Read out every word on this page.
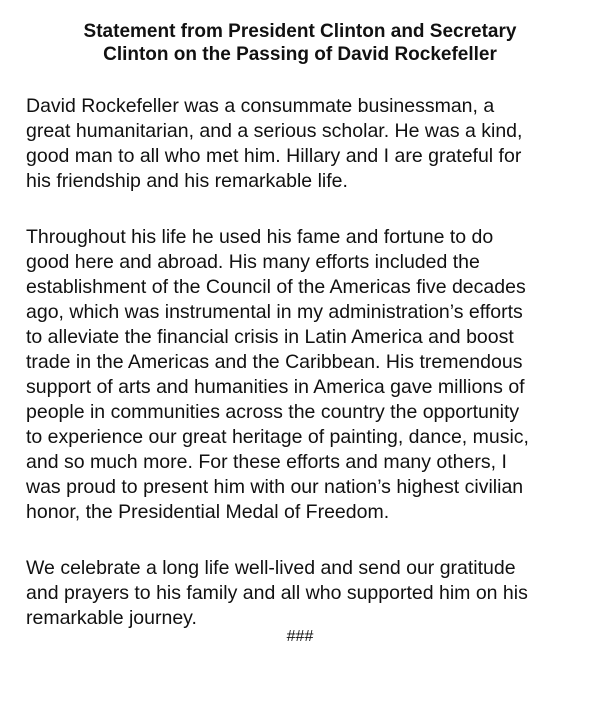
Statement from President Clinton and Secretary
Clinton on the Passing of David Rockefeller

David Rockefeller was a consummate businessman, a
great humanitarian, and a serious scholar. He was a kind,
good man to all who met him. Hillary and I are grateful for
his friendship and his remarkable life.

Throughout his life he used his fame and fortune to do
good here and abroad. His many efforts included the
establishment of the Council of the Americas five decades
ago, which was instrumental in my administration’s efforts
to alleviate the financial crisis in Latin America and boost
trade in the Americas and the Caribbean. His tremendous
support of arts and humanities in America gave millions of
people in communities across the country the opportunity
to experience our great heritage of painting, dance, music,
and so much more. For these efforts and many others, I
was proud to present him with our nation’s highest civilian
honor, the Presidential Medal of Freedom.

We celebrate a long life well-lived and send our gratitude
and prayers to his family and all who supported him on his
remarkable journey.

###
